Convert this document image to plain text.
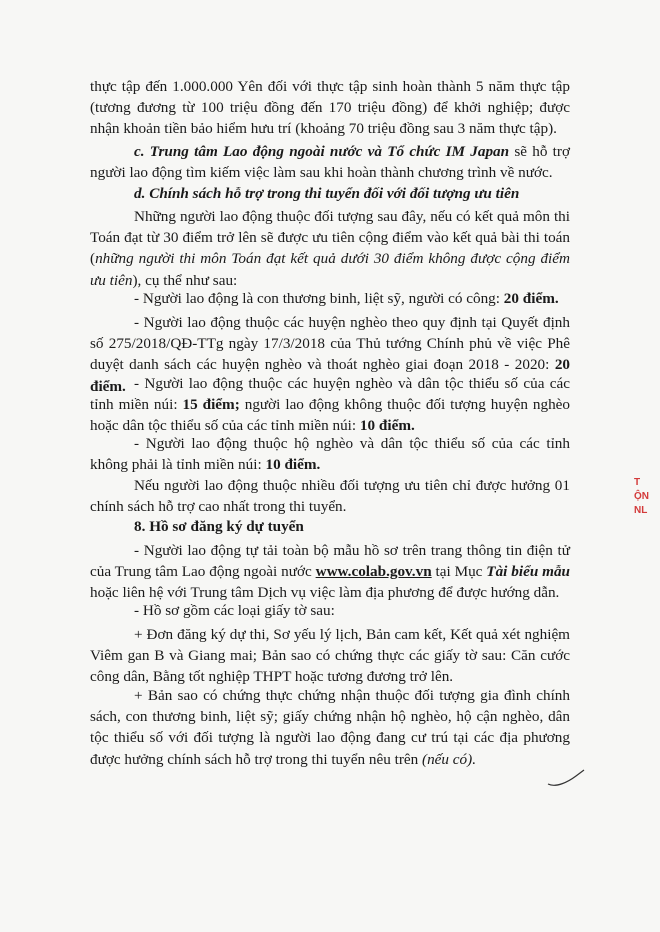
thực tập đến 1.000.000 Yên đối với thực tập sinh hoàn thành 5 năm thực tập (tương đương từ 100 triệu đồng đến 170 triệu đồng) để khởi nghiệp; được nhận khoản tiền bảo hiểm hưu trí (khoảng 70 triệu đồng sau 3 năm thực tập).

c. Trung tâm Lao động ngoài nước và Tổ chức IM Japan sẽ hỗ trợ người lao động tìm kiếm việc làm sau khi hoàn thành chương trình về nước.

d. Chính sách hỗ trợ trong thi tuyển đối với đối tượng ưu tiên

Những người lao động thuộc đối tượng sau đây, nếu có kết quả môn thi Toán đạt từ 30 điểm trở lên sẽ được ưu tiên cộng điểm vào kết quả bài thi toán (những người thi môn Toán đạt kết quả dưới 30 điểm không được cộng điểm ưu tiên), cụ thể như sau:

- Người lao động là con thương binh, liệt sỹ, người có công: 20 điểm.

- Người lao động thuộc các huyện nghèo theo quy định tại Quyết định số 275/2018/QĐ-TTg ngày 17/3/2018 của Thủ tướng Chính phủ về việc Phê duyệt danh sách các huyện nghèo và thoát nghèo giai đoạn 2018 - 2020: 20 điểm. - Người lao động thuộc các huyện nghèo và dân tộc thiểu số của các tỉnh miền núi: 15 điểm; người lao động không thuộc đối tượng huyện nghèo hoặc dân tộc thiểu số của các tỉnh miền núi: 10 điểm.

- Người lao động thuộc hộ nghèo và dân tộc thiểu số của các tỉnh không phải là tỉnh miền núi: 10 điểm.

Nếu người lao động thuộc nhiều đối tượng ưu tiên chỉ được hưởng 01 chính sách hỗ trợ cao nhất trong thi tuyển.

8. Hồ sơ đăng ký dự tuyển

- Người lao động tự tải toàn bộ mẫu hồ sơ trên trang thông tin điện tử của Trung tâm Lao động ngoài nước www.colab.gov.vn tại Mục Tài biểu mẫu hoặc liên hệ với Trung tâm Dịch vụ việc làm địa phương để được hướng dẫn.

- Hồ sơ gồm các loại giấy tờ sau:

+ Đơn đăng ký dự thi, Sơ yếu lý lịch, Bản cam kết, Kết quả xét nghiệm Viêm gan B và Giang mai; Bản sao có chứng thực các giấy tờ sau: Căn cước công dân, Bằng tốt nghiệp THPT hoặc tương đương trở lên.

+ Bản sao có chứng thực chứng nhận thuộc đối tượng gia đình chính sách, con thương binh, liệt sỹ; giấy chứng nhận hộ nghèo, hộ cận nghèo, dân tộc thiểu số với đối tượng là người lao động đang cư trú tại các địa phương được hưởng chính sách hỗ trợ trong thi tuyển nêu trên (nếu có).

T
ỘN
NL
